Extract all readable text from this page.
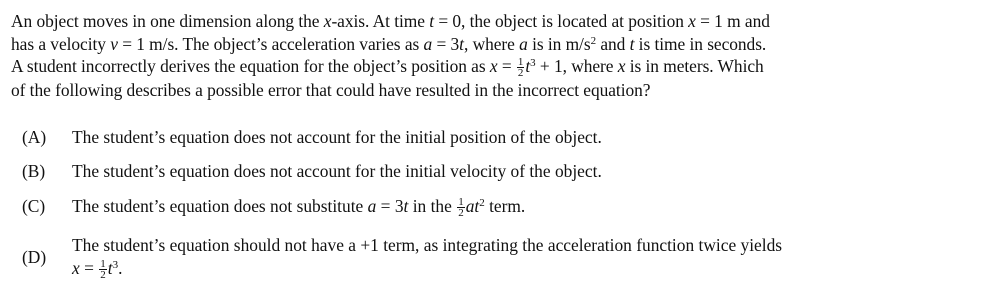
An object moves in one dimension along the x-axis. At time t = 0, the object is located at position x = 1 m and
has a velocity v = 1 m/s. The object’s acceleration varies as a = 3t, where a is in $m/s^2$ and t is time in seconds.
A student incorrectly derives the equation for the object’s position as $x = \frac{1}{2} t^3 + 1$, where x is in meters. Which
of the following describes a possible error that could have resulted in the incorrect equation?
(A)	The student’s equation does not account for the initial position of the object.
(B)	The student’s equation does not account for the initial velocity of the object.
(C)	The student’s equation does not substitute a = 3t in the $\frac{1}{2} at^2$ term.
(D)
The student’s equation should not have a +1 term, as integrating the acceleration function twice yields
$x = \frac{1}{2} t^3$.
